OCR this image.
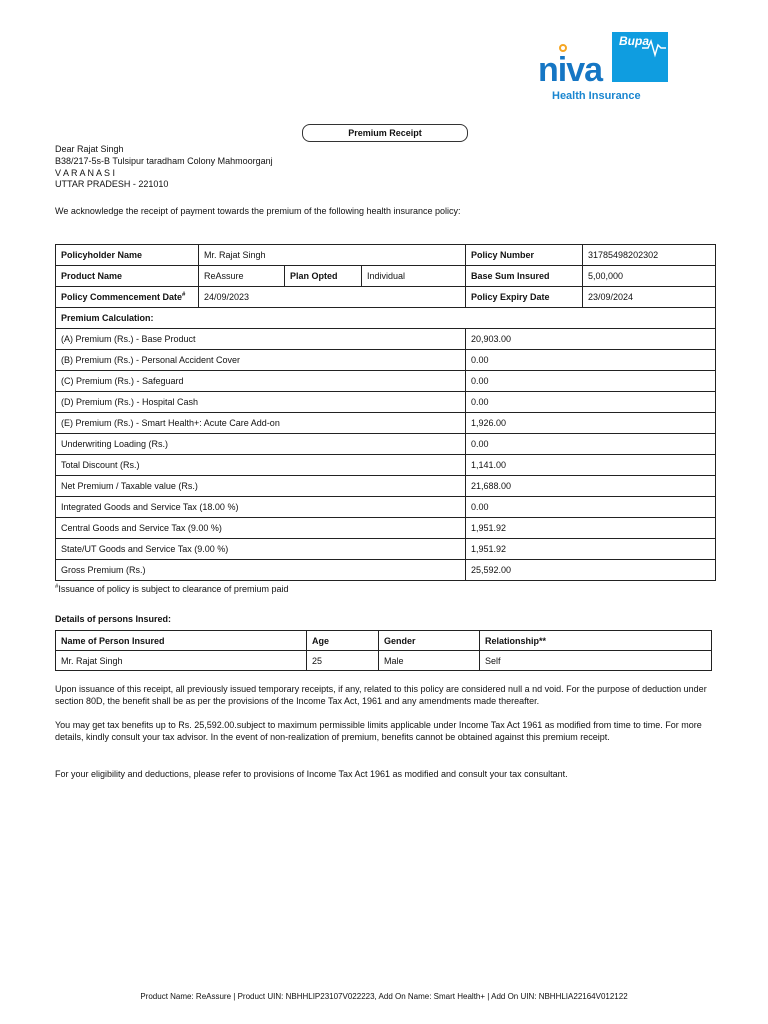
Bupa
niva
Health Insurance
Premium Receipt
Dear Rajat Singh
B38/217-5s-B Tulsipur taradham Colony Mahmoorganj
V A R A N A S I
UTTAR PRADESH - 221010
We acknowledge the receipt of payment towards the premium of the following health insurance policy:
Policyholder Name	Mr. Rajat Singh			Policy Number	31785498202302
Product Name	ReAssure	Plan Opted	Individual	Base Sum Insured	5,00,000
Policy Commencement Date#	24/09/2023			Policy Expiry Date	23/09/2024
Premium Calculation:					
(A) Premium (Rs.) - Base Product				20,903.00	
(B) Premium (Rs.) - Personal Accident Cover				0.00	
(C) Premium (Rs.) - Safeguard				0.00	
(D) Premium (Rs.) - Hospital Cash				0.00	
(E) Premium (Rs.) - Smart Health+: Acute Care Add-on				1,926.00	
Underwriting Loading (Rs.)				0.00	
Total Discount (Rs.)				1,141.00	
Net Premium / Taxable value (Rs.)				21,688.00	
Integrated Goods and Service Tax (18.00 %)				0.00	
Central Goods and Service Tax (9.00 %)				1,951.92	
State/UT Goods and Service Tax (9.00 %)				1,951.92	
Gross Premium (Rs.)				25,592.00	
#Issuance of policy is subject to clearance of premium paid
Details of persons Insured:
Name of Person Insured	Age	Gender	Relationship**
Mr. Rajat Singh	25	Male	Self
Upon issuance of this receipt, all previously issued temporary receipts, if any, related to this policy are considered null a nd void. For the purpose of deduction under section 80D, the benefit shall be as per the provisions of the Income Tax Act, 1961 and any amendments made thereafter.
You may get tax benefits up to Rs. 25,592.00.subject to maximum permissible limits applicable under Income Tax Act 1961 as modified from time to time. For more details, kindly consult your tax advisor. In the event of non-realization of premium, benefits cannot be obtained against this premium receipt.
For your eligibility and deductions, please refer to provisions of Income Tax Act 1961 as modified and consult your tax consultant.
Product Name: ReAssure | Product UIN: NBHHLIP23107V022223, Add On Name: Smart Health+ | Add On UIN: NBHHLIA22164V012122
